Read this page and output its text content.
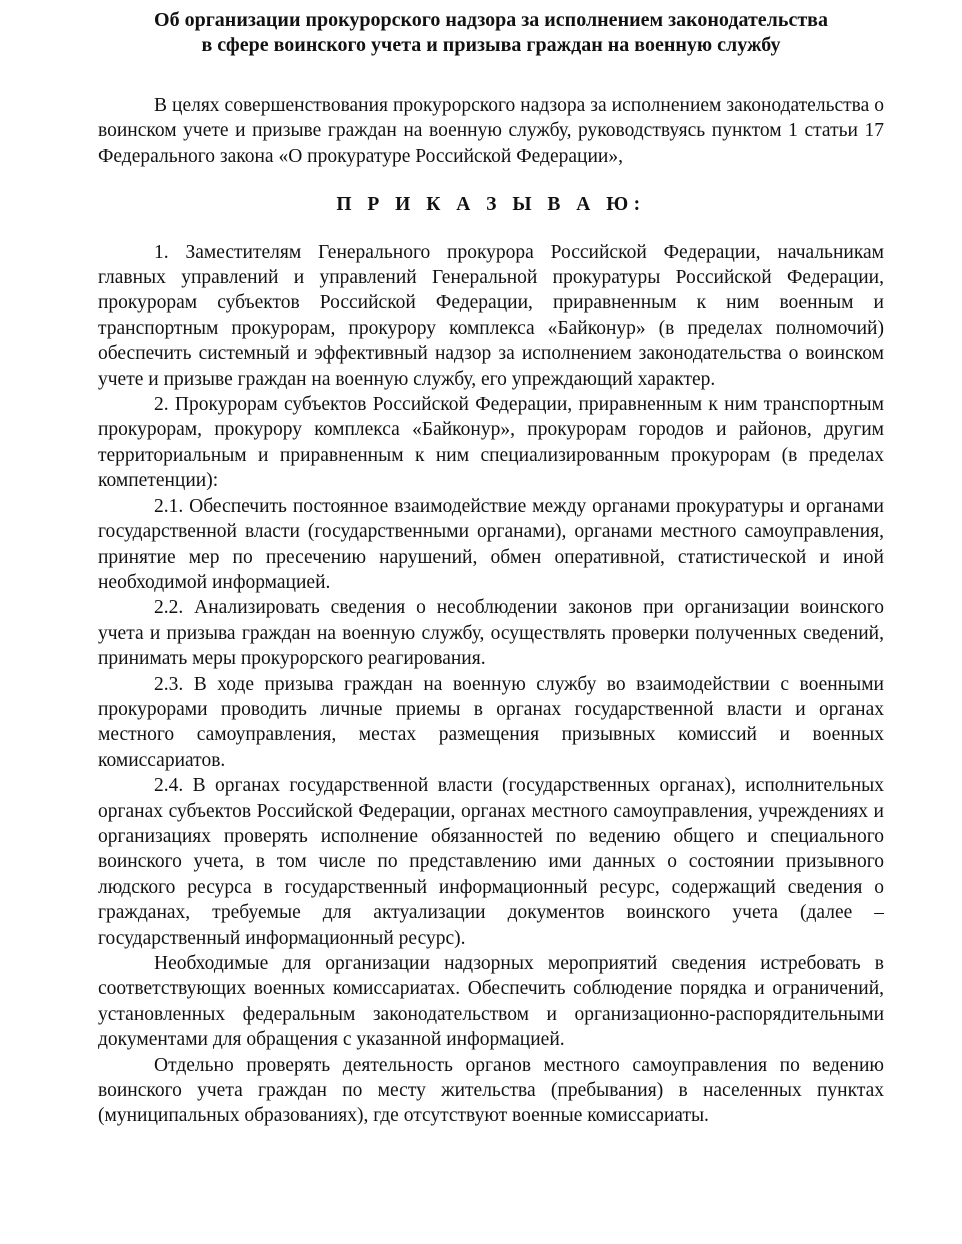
Об организации прокурорского надзора за исполнением законодательства
в сфере воинского учета и призыва граждан на военную службу

В целях совершенствования прокурорского надзора за исполнением законодательства о воинском учете и призыве граждан на военную службу, руководствуясь пунктом 1 статьи 17 Федерального закона «О прокуратуре Российской Федерации»,

П Р И К А З Ы В А Ю:

1. Заместителям Генерального прокурора Российской Федерации, начальникам главных управлений и управлений Генеральной прокуратуры Российской Федерации, прокурорам субъектов Российской Федерации, приравненным к ним военным и транспортным прокурорам, прокурору комплекса «Байконур» (в пределах полномочий) обеспечить системный и эффективный надзор за исполнением законодательства о воинском учете и призыве граждан на военную службу, его упреждающий характер.

2. Прокурорам субъектов Российской Федерации, приравненным к ним транспортным прокурорам, прокурору комплекса «Байконур», прокурорам городов и районов, другим территориальным и приравненным к ним специализированным прокурорам (в пределах компетенции):

2.1. Обеспечить постоянное взаимодействие между органами прокуратуры и органами государственной власти (государственными органами), органами местного самоуправления, принятие мер по пресечению нарушений, обмен оперативной, статистической и иной необходимой информацией.

2.2. Анализировать сведения о несоблюдении законов при организации воинского учета и призыва граждан на военную службу, осуществлять проверки полученных сведений, принимать меры прокурорского реагирования.

2.3. В ходе призыва граждан на военную службу во взаимодействии с военными прокурорами проводить личные приемы в органах государственной власти и органах местного самоуправления, местах размещения призывных комиссий и военных комиссариатов.

2.4. В органах государственной власти (государственных органах), исполнительных органах субъектов Российской Федерации, органах местного самоуправления, учреждениях и организациях проверять исполнение обязанностей по ведению общего и специального воинского учета, в том числе по представлению ими данных о состоянии призывного людского ресурса в государственный информационный ресурс, содержащий сведения о гражданах, требуемые для актуализации документов воинского учета (далее – государственный информационный ресурс).

Необходимые для организации надзорных мероприятий сведения истребовать в соответствующих военных комиссариатах. Обеспечить соблюдение порядка и ограничений, установленных федеральным законодательством и организационно-распорядительными документами для обращения с указанной информацией.

Отдельно проверять деятельность органов местного самоуправления по ведению воинского учета граждан по месту жительства (пребывания) в населенных пунктах (муниципальных образованиях), где отсутствуют военные комиссариаты.
